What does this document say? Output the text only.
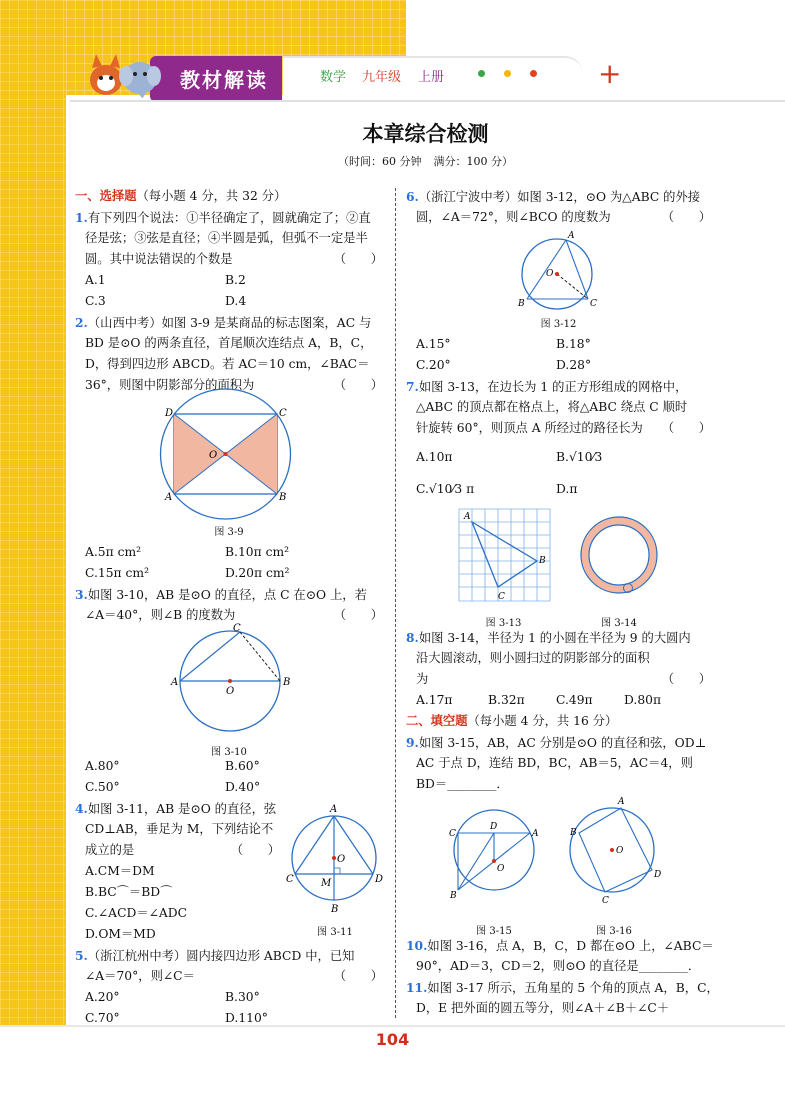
教材解读	数学 九年级 上册	+
本章综合检测
（时间：60 分钟 满分：100 分）
一、选择题（每小题 4 分，共 32 分）
1.有下列四个说法：①半径确定了，圆就确定了；②直
径是弦；③弦是直径；④半圆是弧，但弧不一定是半
圆。其中说法错误的个数是	（　　）
A.1	B.2
C.3	D.4
2.（山西中考）如图 3-9 是某商品的标志图案，AC 与
BD 是⊙O 的两条直径，首尾顺次连结点 A，B，C，
D，得到四边形 ABCD。若 AC＝10 cm，∠BAC＝
36°，则图中阴影部分的面积为	（　　）
D	C
O
A	B
图 3-9
A.5π cm²	B.10π cm²
C.15π cm²	D.20π cm²
3.如图 3-10，AB 是⊙O 的直径，点 C 在⊙O 上，若
∠A＝40°，则∠B 的度数为	（　　）
C
A
O
B
图 3-10
A.80°	B.60°
C.50°	D.40°
4.如图 3-11，AB 是⊙O 的直径，弦
CD⊥AB，垂足为 M，下列结论不
成立的是	（　　）
A.CM＝DM
B.BC⌒＝BD⌒
C.∠ACD＝∠ADC
D.OM＝MD
A
C
O
B
D
M
图 3-11
5.（浙江杭州中考）圆内接四边形 ABCD 中，已知
∠A＝70°，则∠C＝	（　　）
A.20°	B.30°
C.70°	D.110°
6.（浙江宁波中考）如图 3-12，⊙O 为△ABC 的外接
圆，∠A＝72°，则∠BCO 的度数为	（　　）
A
O
B	C
图 3-12
A.15°	B.18°
C.20°	D.28°
7.如图 3-13，在边长为 1 的正方形组成的网格中，
△ABC 的顶点都在格点上，将△ABC 绕点 C 顺时
针旋转 60°，则顶点 A 所经过的路径长为 （　　）
A.10π	B.√10⁄3
C.√10⁄3 π	D.π
A
B
C
图 3-13	图 3-14
8.如图 3-14，半径为 1 的小圆在半径为 9 的大圆内
沿大圆滚动，则小圆扫过的阴影部分的面积
为	（　　）
A.17π	B.32π	C.49π	D.80π
二、填空题（每小题 4 分，共 16 分）
9.如图 3-15，AB，AC 分别是⊙O 的直径和弦，OD⊥
AC 于点 D，连结 BD，BC，AB＝5，AC＝4，则
BD＝________．
C
D
A
O
B
A
B
O
D
C
图 3-15	图 3-16
10.如图 3-16，点 A，B，C，D 都在⊙O 上，∠ABC＝
90°，AD＝3，CD＝2，则⊙O 的直径是________．
11.如图 3-17 所示，五角星的 5 个角的顶点 A，B，C，
D，E 把外面的圆五等分，则∠A＋∠B＋∠C＋
104
